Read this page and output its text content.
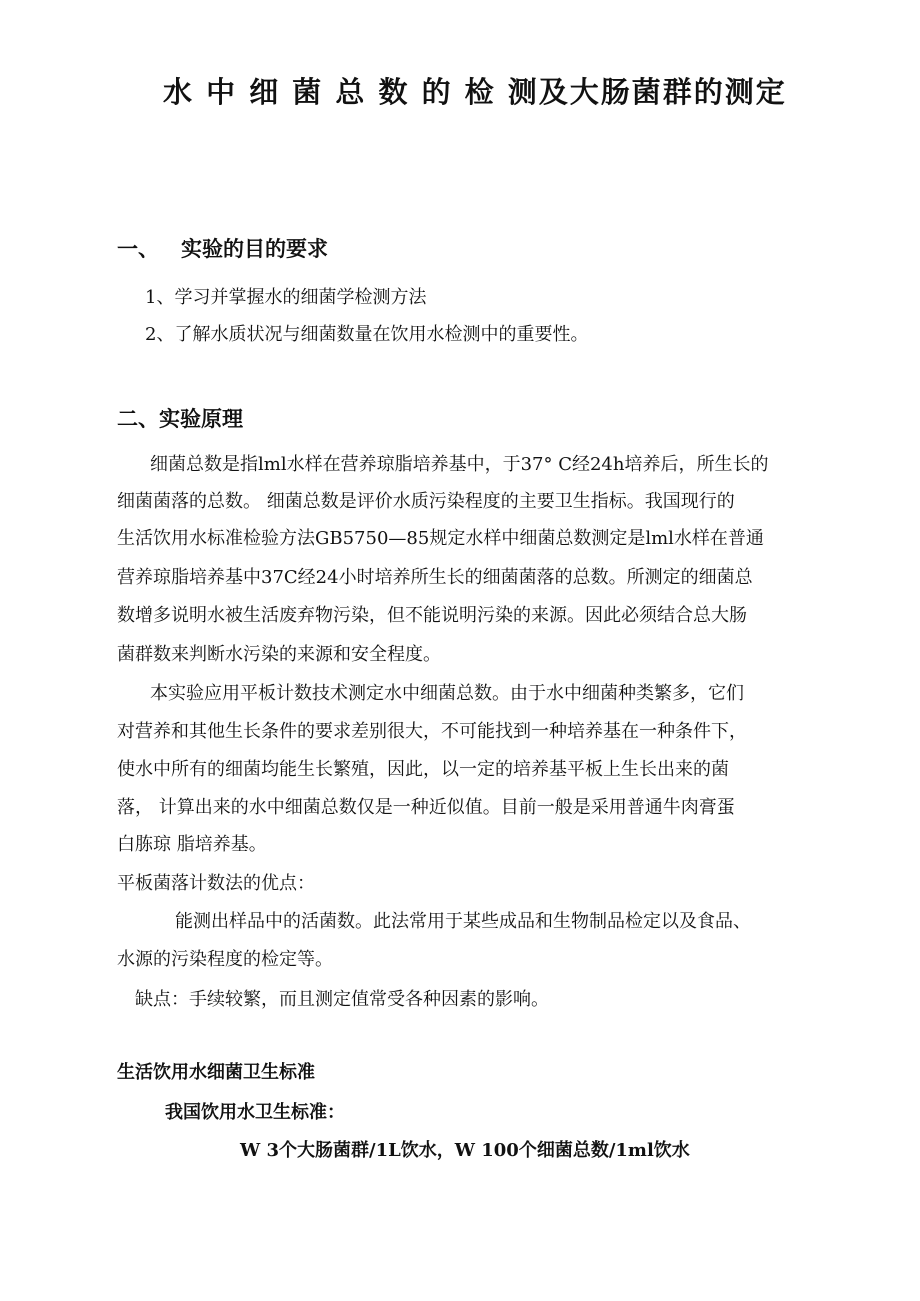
水 中 细 菌 总 数 的 检 测及大肠菌群的测定
一、 实验的目的要求

1、学习并掌握水的细菌学检测方法

2、了解水质状况与细菌数量在饮用水检测中的重要性。

二、实验原理

细菌总数是指lml水样在营养琼脂培养基中，于37° C经24h培养后，所生长的

细菌菌落的总数。 细菌总数是评价水质污染程度的主要卫生指标。我国现行的

生活饮用水标准检验方法GB5750—85规定水样中细菌总数测定是lml水样在普通

营养琼脂培养基中37C经24小时培养所生长的细菌菌落的总数。所测定的细菌总

数增多说明水被生活废弃物污染，但不能说明污染的来源。因此必须结合总大肠

菌群数来判断水污染的来源和安全程度。

本实验应用平板计数技术测定水中细菌总数。由于水中细菌种类繁多，它们

对营养和其他生长条件的要求差别很大，不可能找到一种培养基在一种条件下，

使水中所有的细菌均能生长繁殖，因此，以一定的培养基平板上生长出来的菌

落， 计算出来的水中细菌总数仅是一种近似值。目前一般是采用普通牛肉膏蛋

白胨琼 脂培养基。

平板菌落计数法的优点：

能测出样品中的活菌数。此法常用于某些成品和生物制品检定以及食品、

水源的污染程度的检定等。

缺点：手续较繁，而且测定值常受各种因素的影响。

生活饮用水细菌卫生标准

我国饮用水卫生标准：

W 3个大肠菌群/1L饮水，W 100个细菌总数/1ml饮水
